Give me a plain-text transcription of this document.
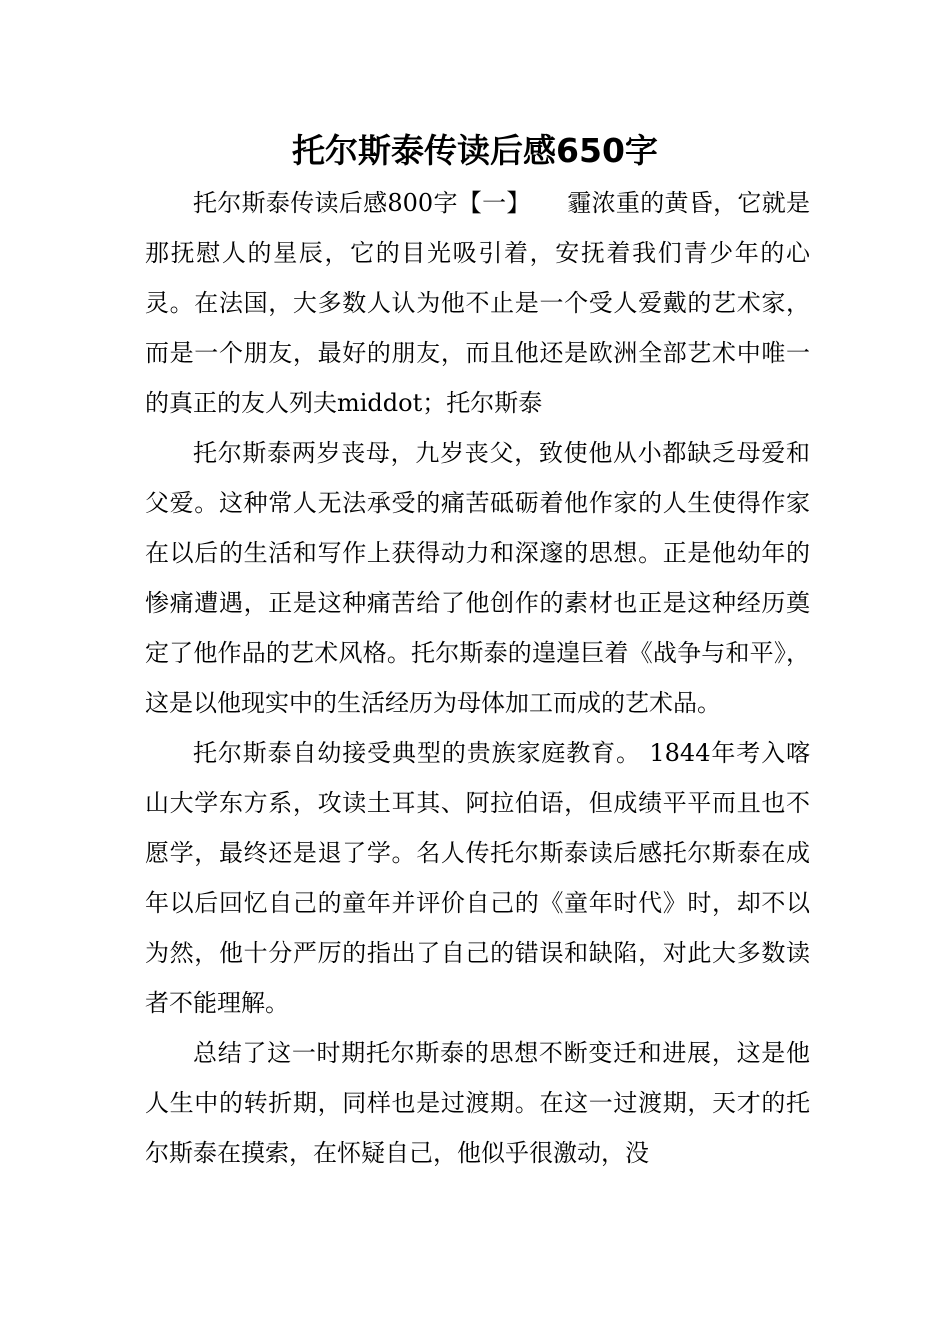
托尔斯泰传读后感650字

托尔斯泰传读后感800字【一】　　霾浓重的黄昏，它就是那抚慰人的星辰，它的目光吸引着，安抚着我们青少年的心灵。在法国，大多数人认为他不止是一个受人爱戴的艺术家，而是一个朋友，最好的朋友，而且他还是欧洲全部艺术中唯一的真正的友人列夫middot；托尔斯泰

托尔斯泰两岁丧母，九岁丧父，致使他从小都缺乏母爱和父爱。这种常人无法承受的痛苦砥砺着他作家的人生使得作家在以后的生活和写作上获得动力和深邃的思想。正是他幼年的惨痛遭遇，正是这种痛苦给了他创作的素材也正是这种经历奠定了他作品的艺术风格。托尔斯泰的遑遑巨着《战争与和平》，这是以他现实中的生活经历为母体加工而成的艺术品。

托尔斯泰自幼接受典型的贵族家庭教育。 1844年考入喀山大学东方系，攻读土耳其、阿拉伯语，但成绩平平而且也不愿学，最终还是退了学。名人传托尔斯泰读后感托尔斯泰在成年以后回忆自己的童年并评价自己的《童年时代》时，却不以为然，他十分严厉的指出了自己的错误和缺陷，对此大多数读者不能理解。

总结了这一时期托尔斯泰的思想不断变迁和进展，这是他人生中的转折期，同样也是过渡期。在这一过渡期，天才的托尔斯泰在摸索，在怀疑自己，他似乎很激动，没
